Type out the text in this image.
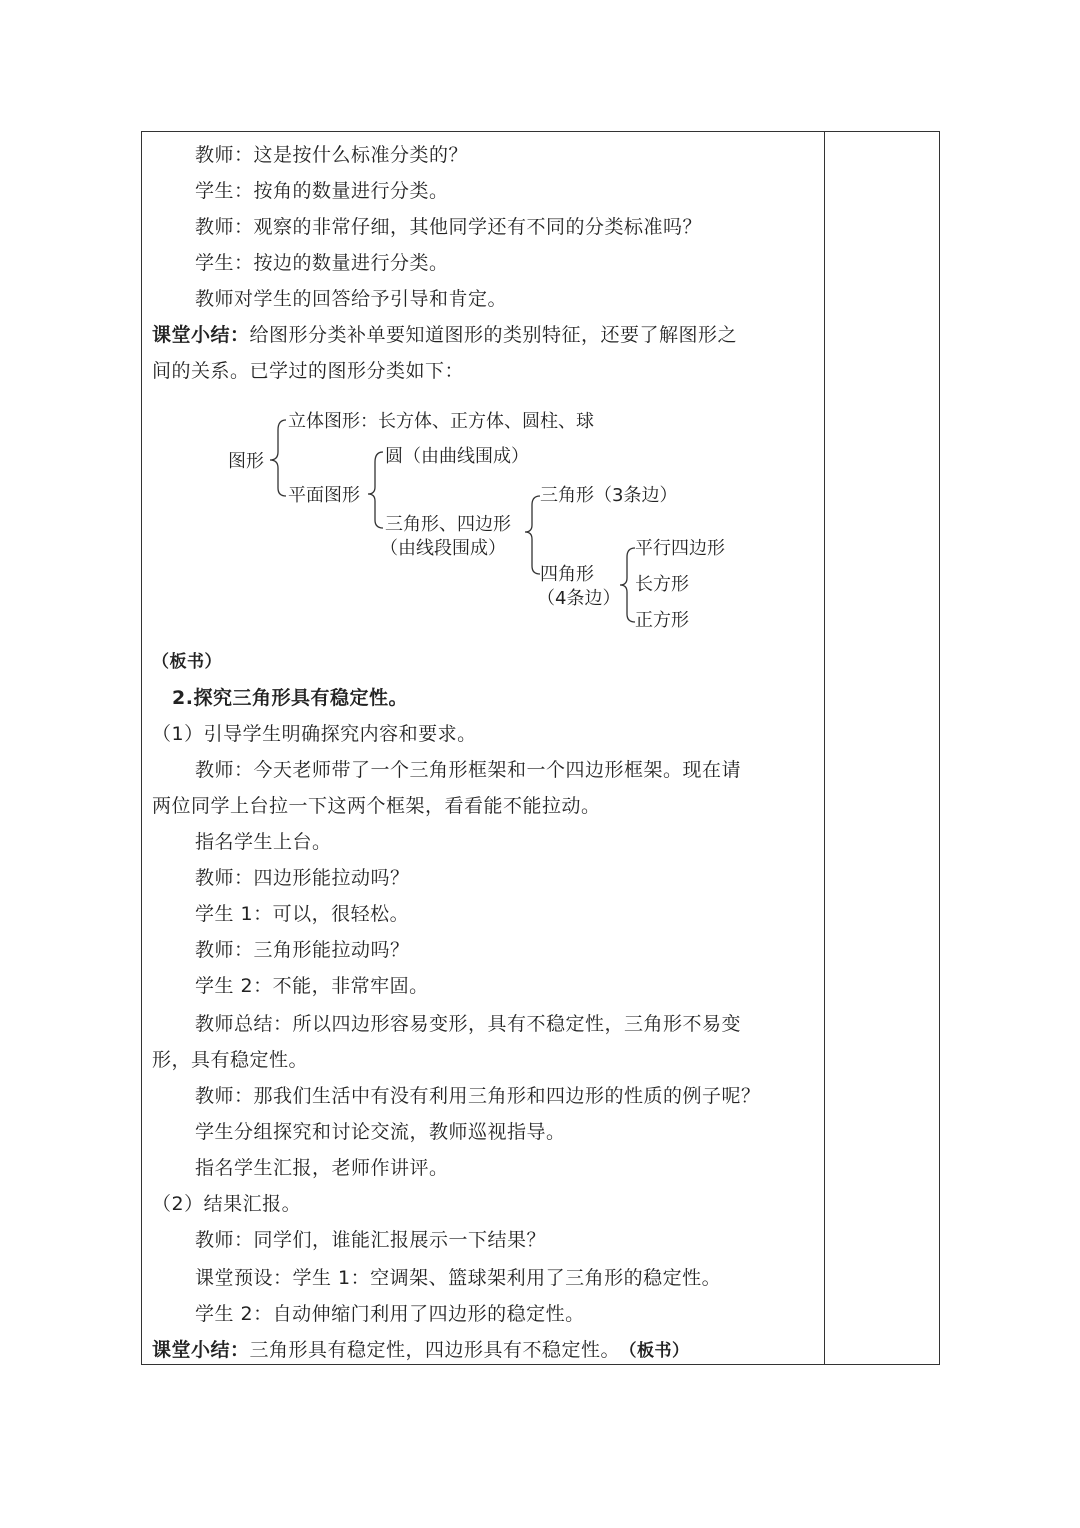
教师：这是按什么标准分类的？
学生：按角的数量进行分类。
教师：观察的非常仔细，其他同学还有不同的分类标准吗？
学生：按边的数量进行分类。
教师对学生的回答给予引导和肯定。
课堂小结：给图形分类补单要知道图形的类别特征，还要了解图形之
间的关系。已学过的图形分类如下：
图形
立体图形：长方体、正方体、圆柱、球
平面图形
圆（由曲线围成）
三角形、四边形
（由线段围成）
三角形（3条边）
四角形
（4条边）
平行四边形
长方形
正方形
（板书）
2.探究三角形具有稳定性。
（1）引导学生明确探究内容和要求。
教师：今天老师带了一个三角形框架和一个四边形框架。现在请
两位同学上台拉一下这两个框架，看看能不能拉动。
指名学生上台。
教师：四边形能拉动吗？
学生 1：可以，很轻松。
教师：三角形能拉动吗？
学生 2：不能，非常牢固。
教师总结：所以四边形容易变形，具有不稳定性，三角形不易变
形，具有稳定性。
教师：那我们生活中有没有利用三角形和四边形的性质的例子呢？
学生分组探究和讨论交流，教师巡视指导。
指名学生汇报，老师作讲评。
（2）结果汇报。
教师：同学们，谁能汇报展示一下结果？
课堂预设：学生 1：空调架、篮球架利用了三角形的稳定性。
学生 2：自动伸缩门利用了四边形的稳定性。
课堂小结：三角形具有稳定性，四边形具有不稳定性。 （板书）
